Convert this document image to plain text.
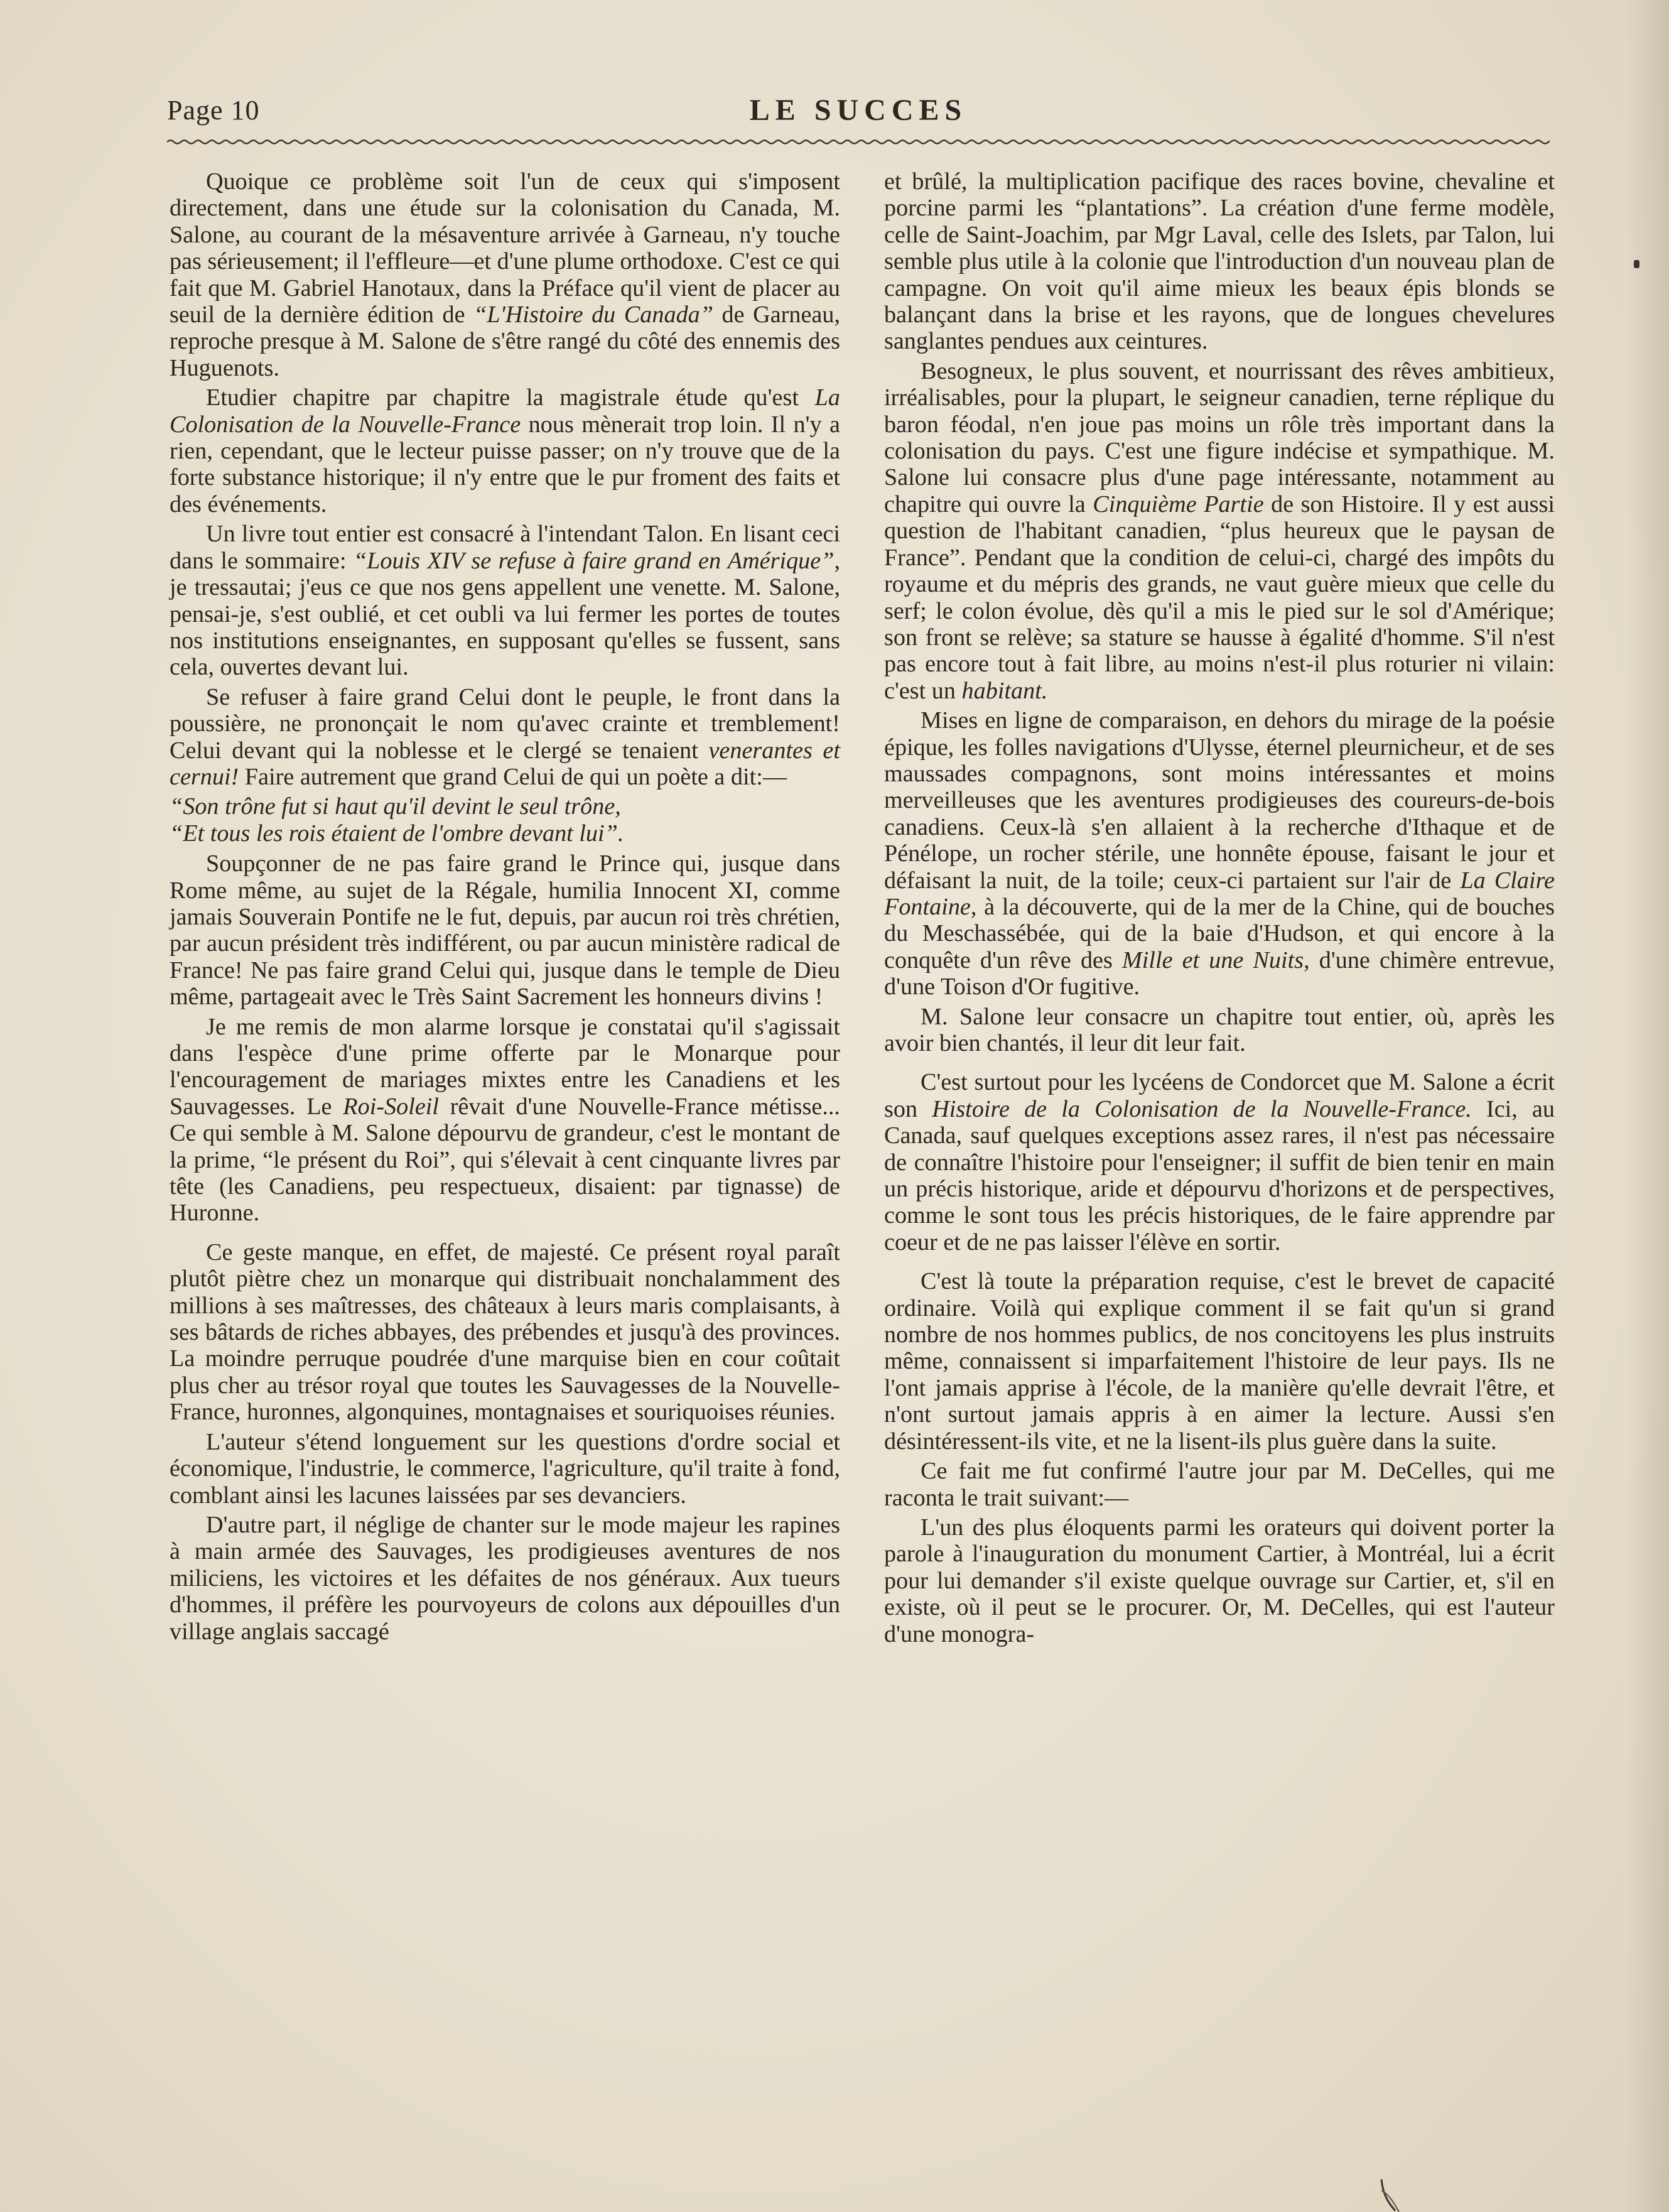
Page 10	LE SUCCES

Quoique ce problème soit l'un de ceux qui s'imposent directement, dans une étude sur la colonisation du Canada, M. Salone, au courant de la mésaventure arrivée à Garneau, n'y touche pas sérieusement; il l'effleure—et d'une plume orthodoxe. C'est ce qui fait que M. Gabriel Hanotaux, dans la Préface qu'il vient de placer au seuil de la dernière édition de “L'Histoire du Canada” de Garneau, reproche presque à M. Salone de s'être rangé du côté des ennemis des Huguenots.

Etudier chapitre par chapitre la magistrale étude qu'est La Colonisation de la Nouvelle-France nous mènerait trop loin. Il n'y a rien, cependant, que le lecteur puisse passer; on n'y trouve que de la forte substance historique; il n'y entre que le pur froment des faits et des événements.

Un livre tout entier est consacré à l'intendant Talon. En lisant ceci dans le sommaire: “Louis XIV se refuse à faire grand en Amérique”, je tressautai; j'eus ce que nos gens appellent une venette. M. Salone, pensai-je, s'est oublié, et cet oubli va lui fermer les portes de toutes nos institutions enseignantes, en supposant qu'elles se fussent, sans cela, ouvertes devant lui.

Se refuser à faire grand Celui dont le peuple, le front dans la poussière, ne prononçait le nom qu'avec crainte et tremblement! Celui devant qui la noblesse et le clergé se tenaient venerantes et cernui! Faire autrement que grand Celui de qui un poète a dit:—

“Son trône fut si haut qu'il devint le seul trône,

“Et tous les rois étaient de l'ombre devant lui”.

Soupçonner de ne pas faire grand le Prince qui, jusque dans Rome même, au sujet de la Régale, humilia Innocent XI, comme jamais Souverain Pontife ne le fut, depuis, par aucun roi très chrétien, par aucun président très indifférent, ou par aucun ministère radical de France! Ne pas faire grand Celui qui, jusque dans le temple de Dieu même, partageait avec le Très Saint Sacrement les honneurs divins !

Je me remis de mon alarme lorsque je constatai qu'il s'agissait dans l'espèce d'une prime offerte par le Monarque pour l'encouragement de mariages mixtes entre les Canadiens et les Sauvagesses. Le Roi-Soleil rêvait d'une Nouvelle-France métisse... Ce qui semble à M. Salone dépourvu de grandeur, c'est le montant de la prime, “le présent du Roi”, qui s'élevait à cent cinquante livres par tête (les Canadiens, peu respectueux, disaient: par tignasse) de Huronne.

Ce geste manque, en effet, de majesté. Ce présent royal paraît plutôt piètre chez un monarque qui distribuait nonchalamment des millions à ses maîtresses, des châteaux à leurs maris complaisants, à ses bâtards de riches abbayes, des prébendes et jusqu'à des provinces. La moindre perruque poudrée d'une marquise bien en cour coûtait plus cher au trésor royal que toutes les Sauvagesses de la Nouvelle-France, huronnes, algonquines, montagnaises et souriquoises réunies.

L'auteur s'étend longuement sur les questions d'ordre social et économique, l'industrie, le commerce, l'agriculture, qu'il traite à fond, comblant ainsi les lacunes laissées par ses devanciers.

D'autre part, il néglige de chanter sur le mode majeur les rapines à main armée des Sauvages, les prodigieuses aventures de nos miliciens, les victoires et les défaites de nos généraux. Aux tueurs d'hommes, il préfère les pourvoyeurs de colons aux dépouilles d'un village anglais saccagé

et brûlé, la multiplication pacifique des races bovine, chevaline et porcine parmi les “plantations”. La création d'une ferme modèle, celle de Saint-Joachim, par Mgr Laval, celle des Islets, par Talon, lui semble plus utile à la colonie que l'introduction d'un nouveau plan de campagne. On voit qu'il aime mieux les beaux épis blonds se balançant dans la brise et les rayons, que de longues chevelures sanglantes pendues aux ceintures.

Besogneux, le plus souvent, et nourrissant des rêves ambitieux, irréalisables, pour la plupart, le seigneur canadien, terne réplique du baron féodal, n'en joue pas moins un rôle très important dans la colonisation du pays. C'est une figure indécise et sympathique. M. Salone lui consacre plus d'une page intéressante, notamment au chapitre qui ouvre la Cinquième Partie de son Histoire. Il y est aussi question de l'habitant canadien, “plus heureux que le paysan de France”. Pendant que la condition de celui-ci, chargé des impôts du royaume et du mépris des grands, ne vaut guère mieux que celle du serf; le colon évolue, dès qu'il a mis le pied sur le sol d'Amérique; son front se relève; sa stature se hausse à égalité d'homme. S'il n'est pas encore tout à fait libre, au moins n'est-il plus roturier ni vilain: c'est un habitant.

Mises en ligne de comparaison, en dehors du mirage de la poésie épique, les folles navigations d'Ulysse, éternel pleurnicheur, et de ses maussades compagnons, sont moins intéressantes et moins merveilleuses que les aventures prodigieuses des coureurs-de-bois canadiens. Ceux-là s'en allaient à la recherche d'Ithaque et de Pénélope, un rocher stérile, une honnête épouse, faisant le jour et défaisant la nuit, de la toile; ceux-ci partaient sur l'air de La Claire Fontaine, à la découverte, qui de la mer de la Chine, qui de bouches du Meschassébée, qui de la baie d'Hudson, et qui encore à la conquête d'un rêve des Mille et une Nuits, d'une chimère entrevue, d'une Toison d'Or fugitive.

M. Salone leur consacre un chapitre tout entier, où, après les avoir bien chantés, il leur dit leur fait.

C'est surtout pour les lycéens de Condorcet que M. Salone a écrit son Histoire de la Colonisation de la Nouvelle-France. Ici, au Canada, sauf quelques exceptions assez rares, il n'est pas nécessaire de connaître l'histoire pour l'enseigner; il suffit de bien tenir en main un précis historique, aride et dépourvu d'horizons et de perspectives, comme le sont tous les précis historiques, de le faire apprendre par coeur et de ne pas laisser l'élève en sortir.

C'est là toute la préparation requise, c'est le brevet de capacité ordinaire. Voilà qui explique comment il se fait qu'un si grand nombre de nos hommes publics, de nos concitoyens les plus instruits même, connaissent si imparfaitement l'histoire de leur pays. Ils ne l'ont jamais apprise à l'école, de la manière qu'elle devrait l'être, et n'ont surtout jamais appris à en aimer la lecture. Aussi s'en désintéressent-ils vite, et ne la lisent-ils plus guère dans la suite.

Ce fait me fut confirmé l'autre jour par M. DeCelles, qui me raconta le trait suivant:—

L'un des plus éloquents parmi les orateurs qui doivent porter la parole à l'inauguration du monument Cartier, à Montréal, lui a écrit pour lui demander s'il existe quelque ouvrage sur Cartier, et, s'il en existe, où il peut se le procurer. Or, M. DeCelles, qui est l'auteur d'une monogra-
